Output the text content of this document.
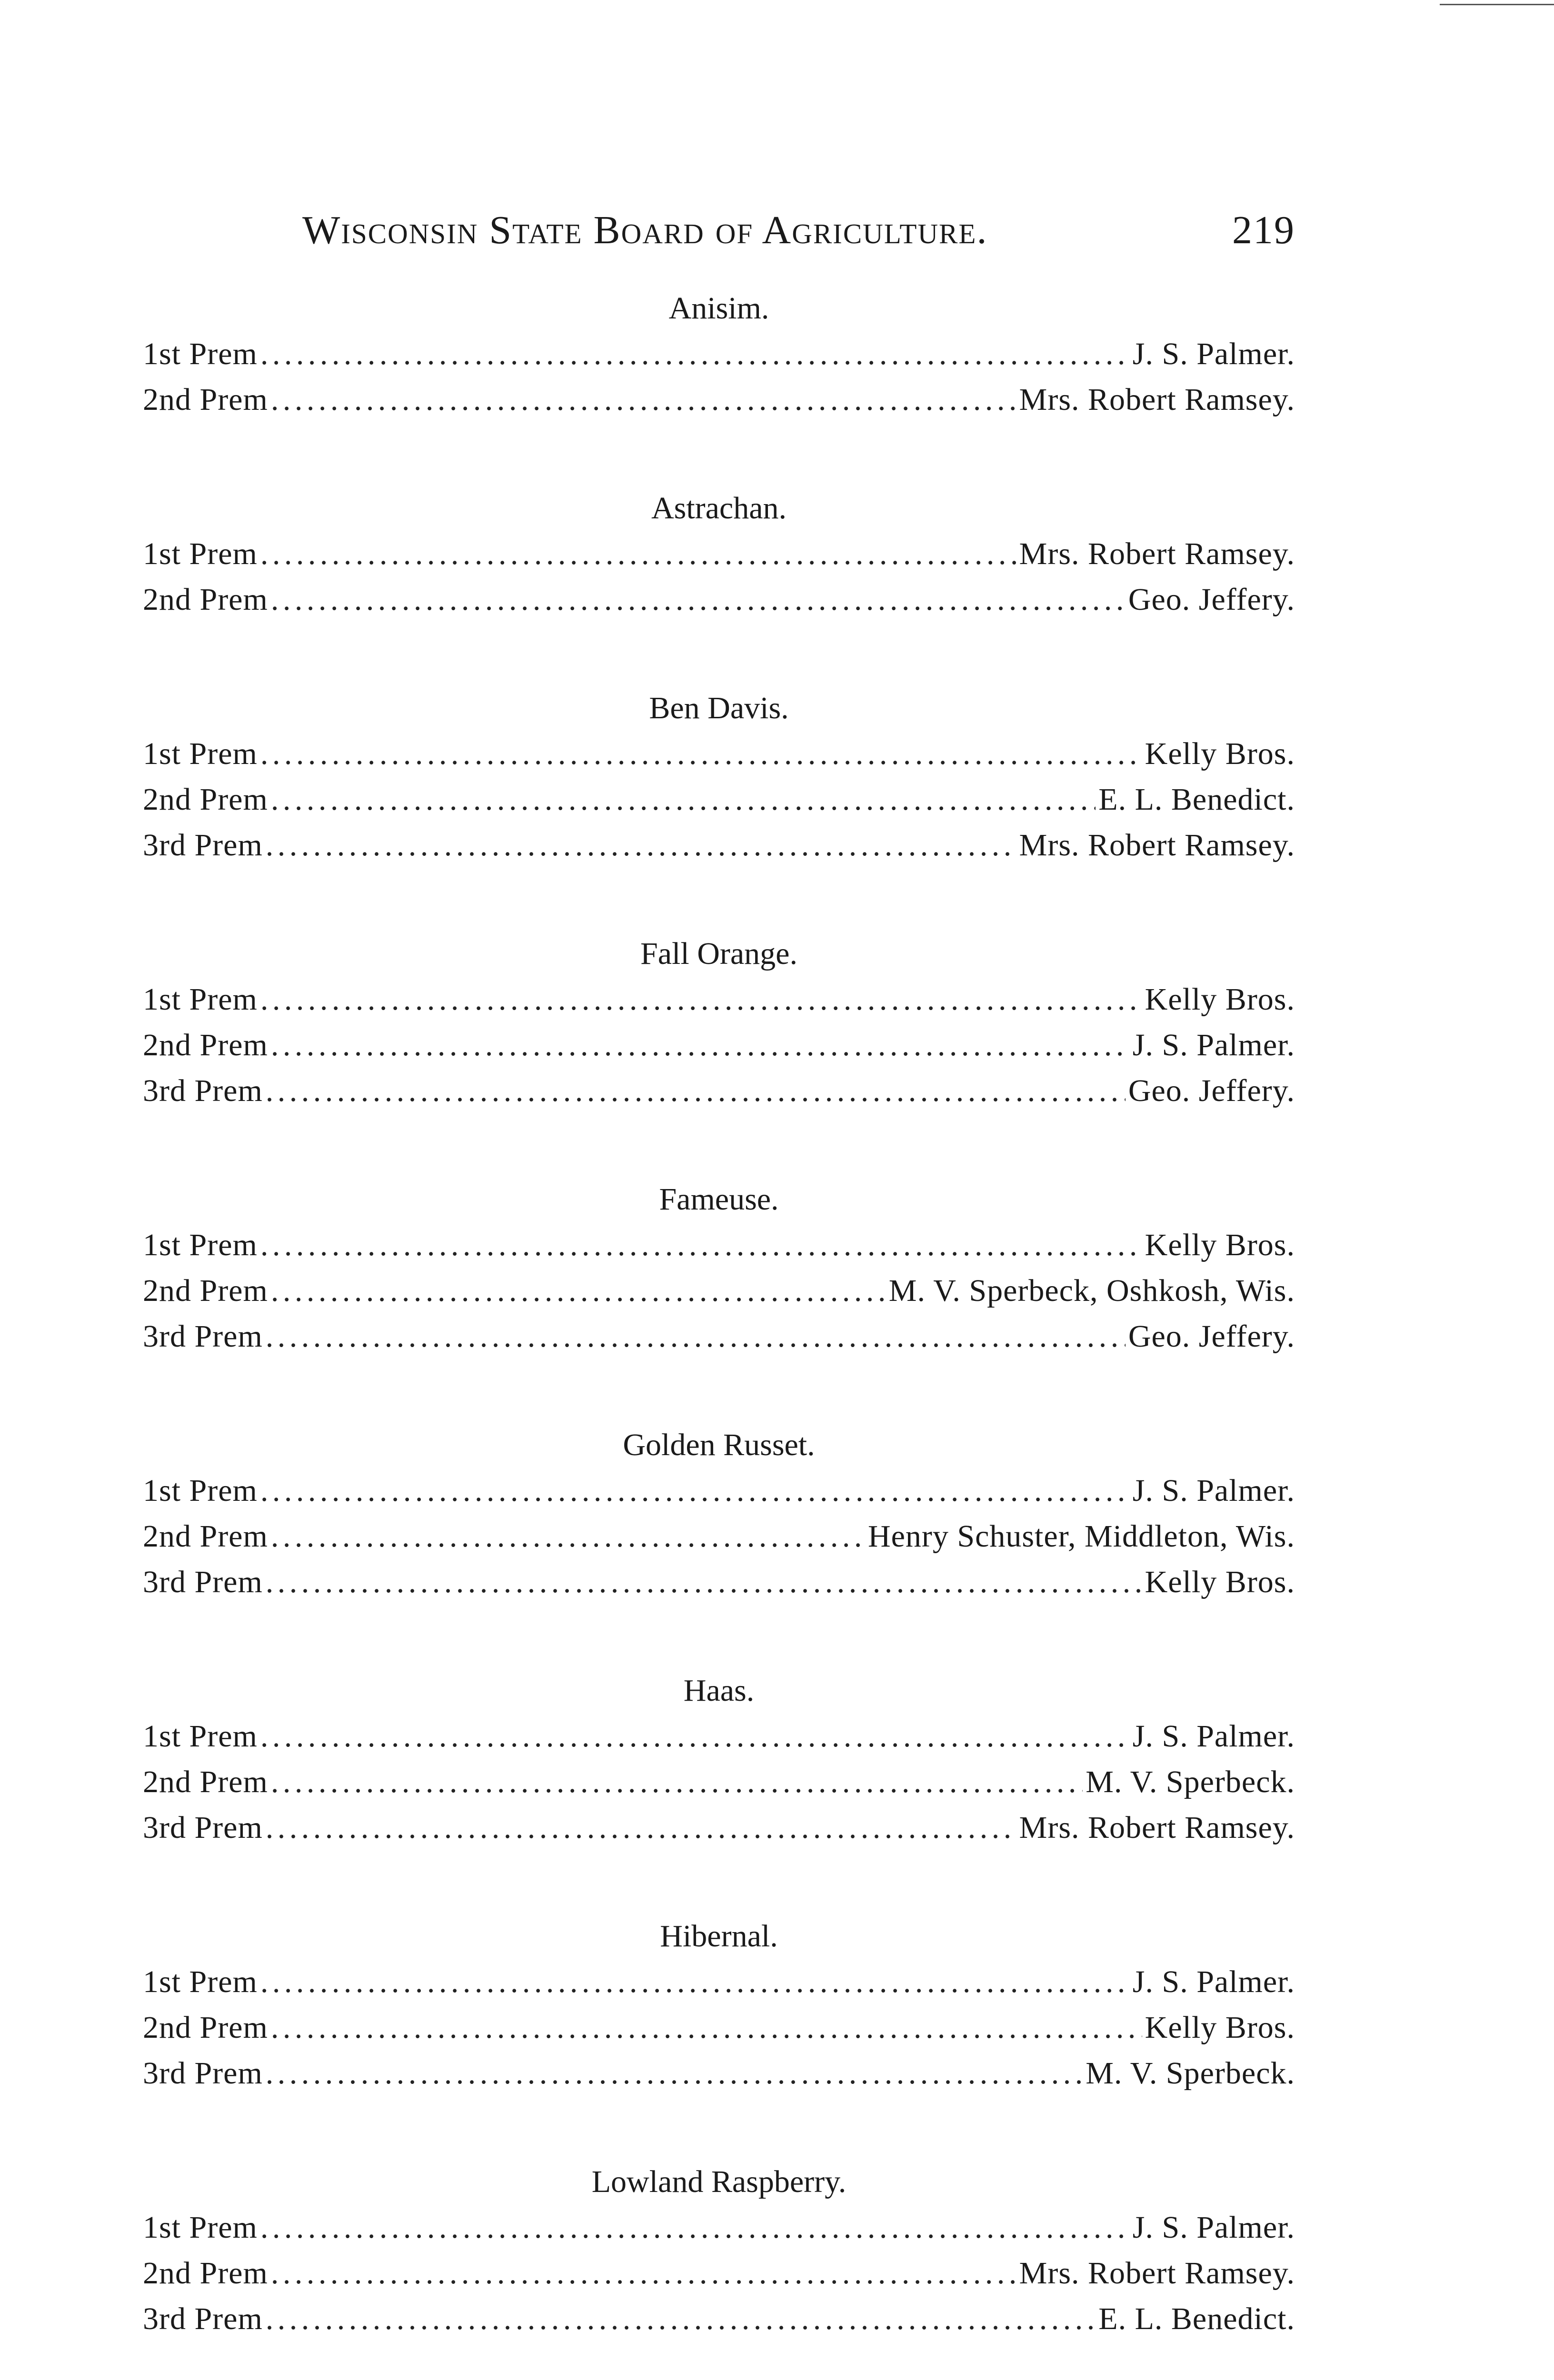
Wisconsin State Board of Agriculture.	219
Anisim.
1st Prem . . .	J. S. Palmer.
2nd Prem . . .	Mrs. Robert Ramsey.
Astrachan.
1st Prem . . .	Mrs. Robert Ramsey.
2nd Prem . . .	Geo. Jeffery.
Ben Davis.
1st Prem . . .	Kelly Bros.
2nd Prem . . .	E. L. Benedict.
3rd Prem . . .	Mrs. Robert Ramsey.
Fall Orange.
1st Prem . . .	Kelly Bros.
2nd Prem . . .	J. S. Palmer.
3rd Prem . . .	Geo. Jeffery.
Fameuse.
1st Prem . . .	Kelly Bros.
2nd Prem . . .	M. V. Sperbeck, Oshkosh, Wis.
3rd Prem . . .	Geo. Jeffery.
Golden Russet.
1st Prem . . .	J. S. Palmer.
2nd Prem . . .	Henry Schuster, Middleton, Wis.
3rd Prem . . .	Kelly Bros.
Haas.
1st Prem . . .	J. S. Palmer.
2nd Prem . . .	M. V. Sperbeck.
3rd Prem . . .	Mrs. Robert Ramsey.
Hibernal.
1st Prem . . .	J. S. Palmer.
2nd Prem . . .	Kelly Bros.
3rd Prem . . .	M. V. Sperbeck.
Lowland Raspberry.
1st Prem . . .	J. S. Palmer.
2nd Prem . . .	Mrs. Robert Ramsey.
3rd Prem . . .	E. L. Benedict.
